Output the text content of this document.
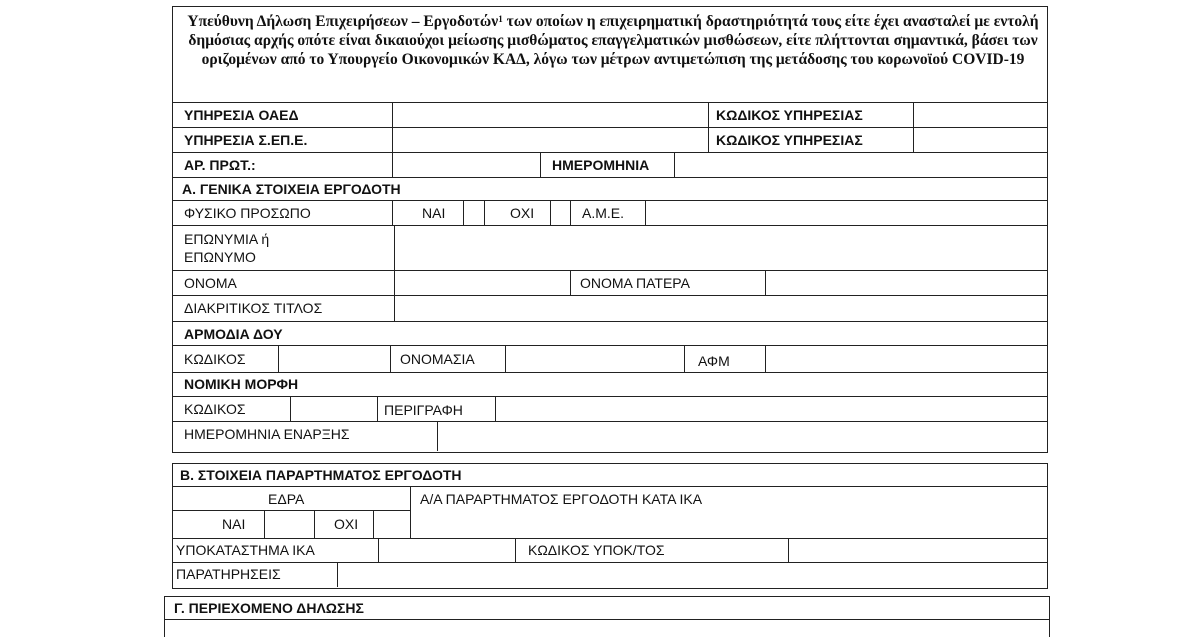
Υπεύθυνη Δήλωση Επιχειρήσεων – Εργοδοτών$^1$ των οποίων η επιχειρηματική δραστηριότητά τους είτε έχει ανασταλεί με εντολή δημόσιας αρχής οπότε είναι δικαιούχοι μείωσης μισθώματος επαγγελματικών μισθώσεων, είτε πλήττονται σημαντικά, βάσει των οριζομένων από το Υπουργείο Οικονομικών ΚΑΔ, λόγω των μέτρων αντιμετώπιση της μετάδοσης του κορωνοϊού COVID-19
ΥΠΗΡΕΣΙΑ ΟΑΕΔ	ΚΩΔΙΚΟΣ ΥΠΗΡΕΣΙΑΣ
ΥΠΗΡΕΣΙΑ Σ.ΕΠ.Ε.	ΚΩΔΙΚΟΣ ΥΠΗΡΕΣΙΑΣ
ΑΡ. ΠΡΩΤ.:	ΗΜΕΡΟΜΗΝΙΑ
Α. ΓΕΝΙΚΑ ΣΤΟΙΧΕΙΑ ΕΡΓΟΔΟΤΗ
ΦΥΣΙΚΟ ΠΡΟΣΩΠΟ	ΝΑΙ	ΟΧΙ	Α.Μ.Ε.
ΕΠΩΝΥΜΙΑ ή
ΕΠΩΝΥΜΟ
ΟΝΟΜΑ	ΟΝΟΜΑ ΠΑΤΕΡΑ
ΔΙΑΚΡΙΤΙΚΟΣ ΤΙΤΛΟΣ
ΑΡΜΟΔΙΑ ΔΟΥ
ΚΩΔΙΚΟΣ	ΟΝΟΜΑΣΙΑ	ΑΦΜ
ΝΟΜΙΚΗ ΜΟΡΦΗ
ΚΩΔΙΚΟΣ	ΠΕΡΙΓΡΑΦΗ
ΗΜΕΡΟΜΗΝΙΑ ΕΝΑΡΞΗΣ
Β. ΣΤΟΙΧΕΙΑ ΠΑΡΑΡΤΗΜΑΤΟΣ ΕΡΓΟΔΟΤΗ
ΕΔΡΑ	Α/Α ΠΑΡΑΡΤΗΜΑΤΟΣ ΕΡΓΟΔΟΤΗ ΚΑΤΑ ΙΚΑ
ΝΑΙ	ΟΧΙ
ΥΠΟΚΑΤΑΣΤΗΜΑ ΙΚΑ	ΚΩΔΙΚΟΣ ΥΠΟΚ/ΤΟΣ
ΠΑΡΑΤΗΡΗΣΕΙΣ
Γ. ΠΕΡΙΕΧΟΜΕΝΟ ΔΗΛΩΣΗΣ
